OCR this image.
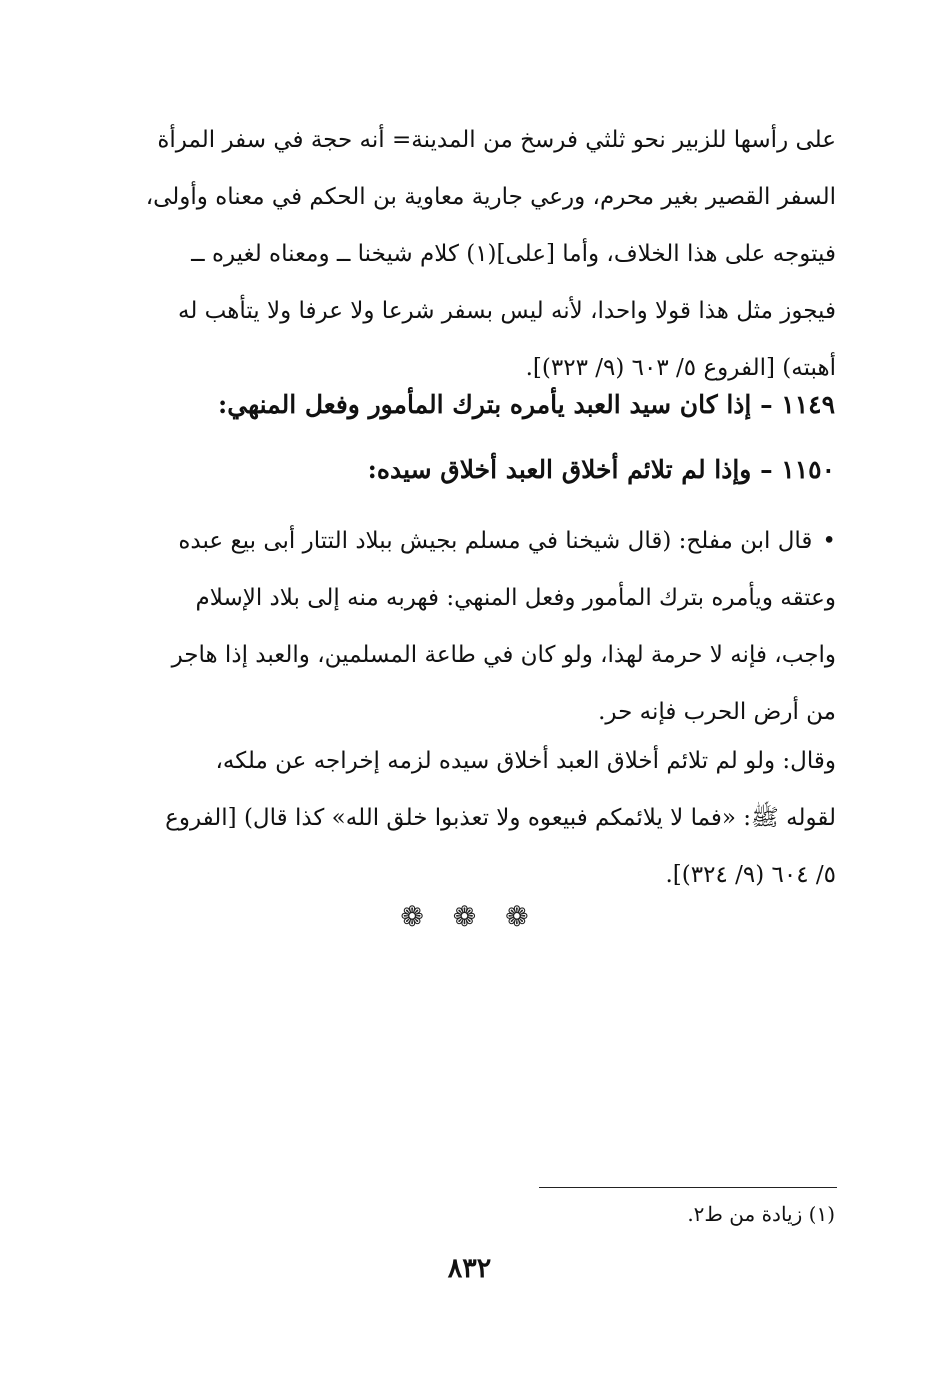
على رأسها للزبير نحو ثلثي فرسخ من المدينة= أنه حجة في سفر المرأة
السفر القصير بغير محرم، ورعي جارية معاوية بن الحكم في معناه وأولى،
فيتوجه على هذا الخلاف، وأما [على](١) كلام شيخنا ــ ومعناه لغيره ــ
فيجوز مثل هذا قولا واحدا، لأنه ليس بسفر شرعا ولا عرفا ولا يتأهب له
أهبته) [الفروع ٥/ ٦٠٣ (٩/ ٣٢٣)].
١١٤٩ – إذا كان سيد العبد يأمره بترك المأمور وفعل المنهي:
١١٥٠ – وإذا لم تلائم أخلاق العبد أخلاق سيده:
•قال ابن مفلح: (قال شيخنا في مسلم بجيش ببلاد التتار أبى بيع عبده
وعتقه ويأمره بترك المأمور وفعل المنهي: فهربه منه إلى بلاد الإسلام
واجب، فإنه لا حرمة لهذا، ولو كان في طاعة المسلمين، والعبد إذا هاجر
من أرض الحرب فإنه حر.
وقال: ولو لم تلائم أخلاق العبد أخلاق سيده لزمه إخراجه عن ملكه،
لقوله ﷺ: «فما لا يلائمكم فبيعوه ولا تعذبوا خلق الله» كذا قال) [الفروع
٥/ ٦٠٤ (٩/ ٣٢٤)].
❁ ❁ ❁
(١) زيادة من ط٢.
٨٣٢
